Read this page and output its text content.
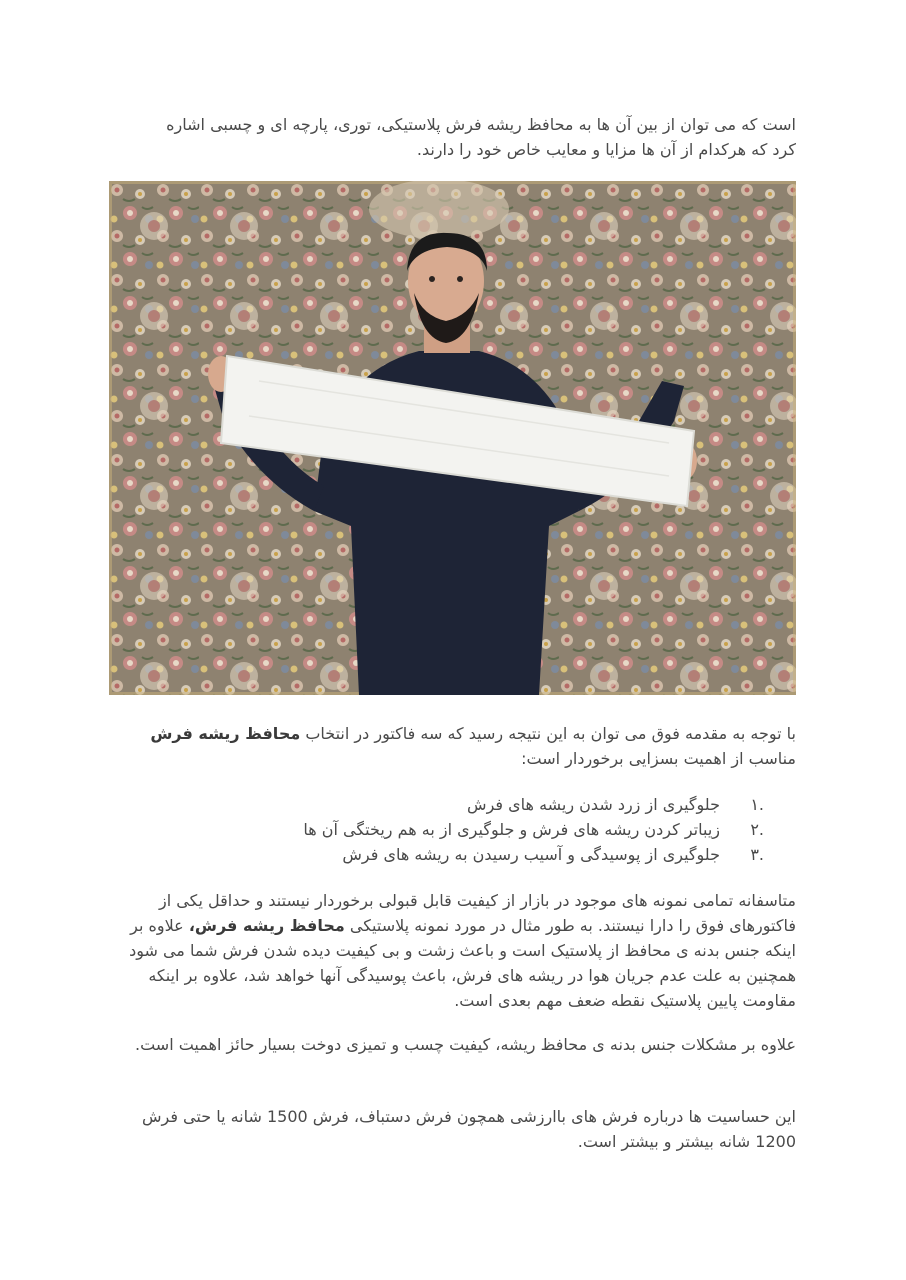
است که می توان از بین آن ها به محافظ ریشه فرش پلاستیکی، توری، پارچه ای و چسبی اشاره
کرد که هرکدام از آن ها مزایا و معایب خاص خود را دارند.

با توجه به مقدمه فوق می توان به این نتیجه رسید که سه فاکتور در انتخاب محافظ ریشه فرش مناسب از اهمیت بسزایی برخوردار است:

.۱
جلوگیری از زرد شدن ریشه های فرش
.۲
زیباتر کردن ریشه های فرش و جلوگیری از به هم ریختگی آن ها
.۳
جلوگیری از پوسیدگی و آسیب رسیدن به ریشه های فرش

متاسفانه تمامی نمونه های موجود در بازار از کیفیت قابل قبولی برخوردار نیستند و حداقل یکی از فاکتورهای فوق را دارا نیستند. به طور مثال در مورد نمونه پلاستیکی محافظ ریشه فرش، علاوه بر اینکه جنس بدنه ی محافظ از پلاستیک است و باعث زشت و بی کیفیت دیده شدن فرش شما می شود همچنین به علت عدم جریان هوا در ریشه های فرش، باعث پوسیدگی آنها خواهد شد، علاوه بر اینکه مقاومت پایین پلاستیک نقطه ضعف مهم بعدی است.

علاوه بر مشکلات جنس بدنه ی محافظ ریشه، کیفیت چسب و تمیزی دوخت بسیار حائز اهمیت است.

این حساسیت ها درباره فرش های باارزشی همچون فرش دستباف، فرش 1500 شانه یا حتی فرش 1200 شانه بیشتر و بیشتر است.
